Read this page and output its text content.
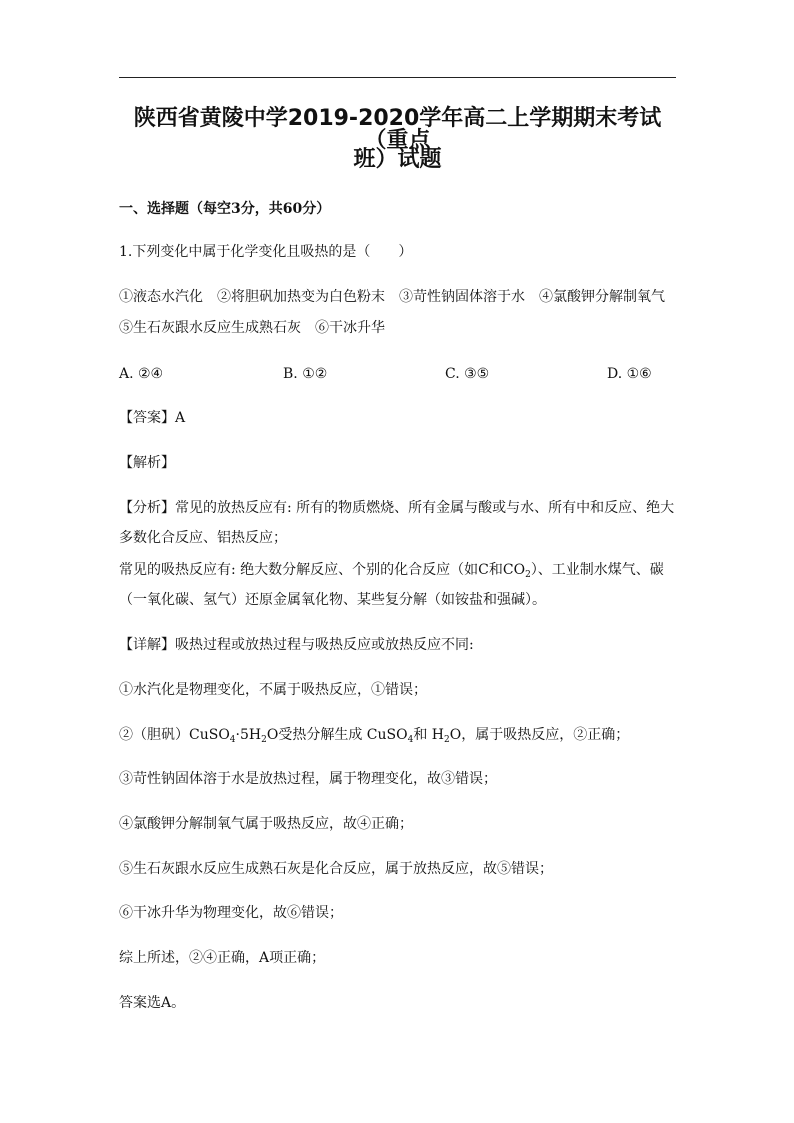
陕西省黄陵中学2019-2020学年高二上学期期末考试（重点
班）试题
一、选择题（每空3分，共60分）
1.下列变化中属于化学变化且吸热的是（　　）
①液态水汽化　②将胆矾加热变为白色粉末　③苛性钠固体溶于水　④氯酸钾分解制氧气
⑤生石灰跟水反应生成熟石灰　⑥干冰升华
A. ②④	B. ①②	C. ③⑤	D. ①⑥
【答案】A
【解析】
【分析】常见的放热反应有: 所有的物质燃烧、所有金属与酸或与水、所有中和反应、绝大
多数化合反应、铝热反应；
常见的吸热反应有: 绝大数分解反应、个别的化合反应（如C和$CO_2$）、工业制水煤气、碳
（一氧化碳、氢气）还原金属氧化物、某些复分解（如铵盐和强碱）。
【详解】吸热过程或放热过程与吸热反应或放热反应不同:
①水汽化是物理变化，不属于吸热反应，①错误；
②（胆矾）$CuSO_4\cdot 5H_2O$受热分解生成 CuSO$_4$和 $H_2O$，属于吸热反应，②正确；
③苛性钠固体溶于水是放热过程，属于物理变化，故③错误；
④氯酸钾分解制氧气属于吸热反应，故④正确；
⑤生石灰跟水反应生成熟石灰是化合反应，属于放热反应，故⑤错误；
⑥干冰升华为物理变化，故⑥错误；
综上所述，②④正确，A项正确；
答案选A。
